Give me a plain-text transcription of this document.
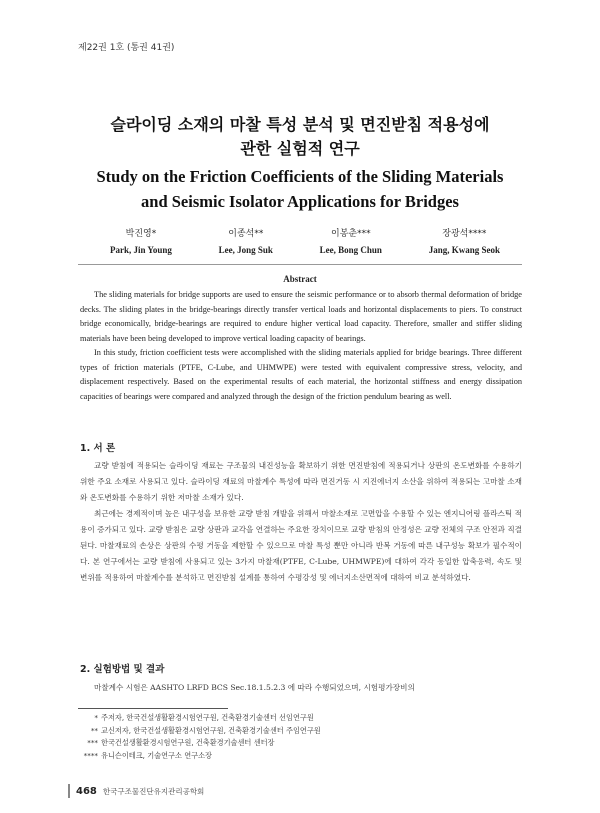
제22권 1호 (통권 41권)
슬라이딩 소재의 마찰 특성 분석 및 면진받침 적용성에
관한 실험적 연구
Study on the Friction Coefficients of the Sliding Materials
and Seismic Isolator Applications for Bridges
박진영*
Park, Jin Young
이종석**
Lee, Jong Suk
이봉춘***
Lee, Bong Chun
장광석****
Jang, Kwang Seok
Abstract

The sliding materials for bridge supports are used to ensure the seismic performance or to absorb thermal deformation of bridge decks. The sliding plates in the bridge-bearings directly transfer vertical loads and horizontal displacements to piers. To construct bridge economically, bridge-bearings are required to endure higher vertical load capacity. Therefore, smaller and stiffer sliding materials have been being developed to improve vertical loading capacity of bearings.

In this study, friction coefficient tests were accomplished with the sliding materials applied for bridge bearings. Three different types of friction materials (PTFE, C-Lube, and UHMWPE) were tested with equivalent compressive stress, velocity, and displacement respectively. Based on the experimental results of each material, the horizontal stiffness and energy dissipation capacities of bearings were compared and analyzed through the design of the friction pendulum bearing as well.

1. 서 론

교량 받침에 적용되는 슬라이딩 재료는 구조물의 내진성능을 확보하기 위한 면진받침에 적용되거나 상판의 온도변화를 수용하기 위한 주요 소재로 사용되고 있다. 슬라이딩 재료의 마찰계수 특성에 따라 면진거동 시 지진에너지 소산을 위하여 적용되는 고마찰 소재와 온도변화를 수용하기 위한 저마찰 소재가 있다.

최근에는 경제적이며 높은 내구성을 보유한 교량 받침 개발을 위해서 마찰소재로 고면압을 수용할 수 있는 엔지니어링 플라스틱 적용이 증가되고 있다. 교량 받침은 교량 상판과 교각을 연결하는 주요한 장치이므로 교량 받침의 안정성은 교량 전체의 구조 안전과 직결된다. 마찰재료의 손상은 상판의 수평 거동을 제한할 수 있으므로 마찰 특성 뿐만 아니라 반복 거동에 따른 내구성능 확보가 필수적이다. 본 연구에서는 교량 받침에 사용되고 있는 3가지 마찰재(PTFE, C-Lube, UHMWPE)에 대하여 각각 동일한 압축응력, 속도 및 변위를 적용하여 마찰계수를 분석하고 면진받침 설계를 통하여 수평강성 및 에너지소산면적에 대하여 비교 분석하였다.

2. 실험방법 및 결과

마찰계수 시험은 AASHTO LRFD BCS Sec.18.1.5.2.3 에 따라 수행되었으며, 시험평가장비의

* 주저자, 한국건설생활환경시험연구원, 건축환경기술센터 선임연구원
** 교신저자, 한국건설생활환경시험연구원, 건축환경기술센터 주임연구원
*** 한국건설생활환경시험연구원, 건축환경기술센터 센터장
**** 유니슨이테크, 기술연구소 연구소장
468 한국구조물진단유지관리공학회
